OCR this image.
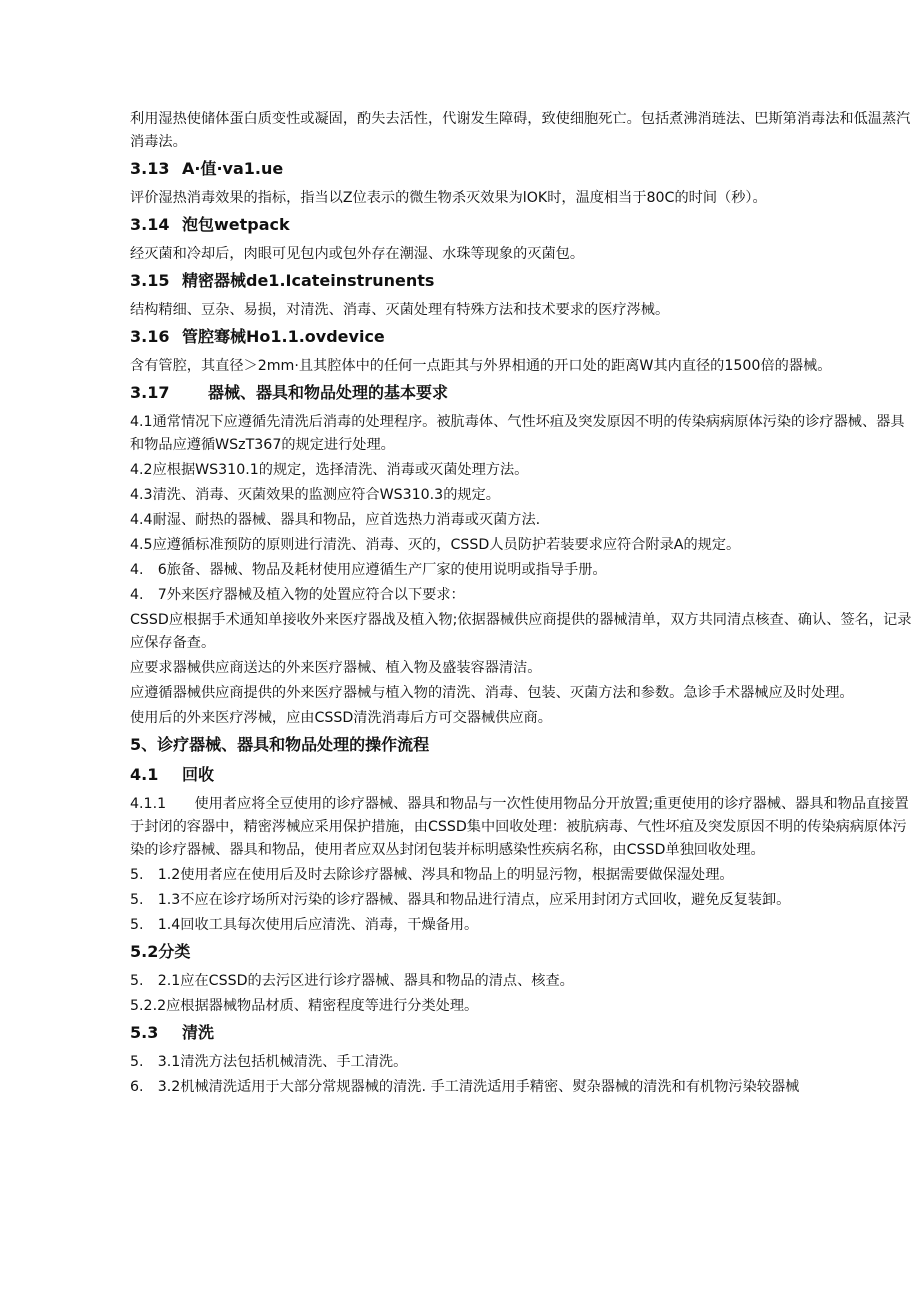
利用湿热使储体蛋白质变性或凝固，酌失去活性，代谢发生障碍，致使细胞死亡。包括煮沸消琏法、巴斯第消毒法和低温蒸汽消毒法。

3.13 A·值·va1.ue

评价湿热消毒效果的指标，指当以Z位表示的微生物杀灭效果为lOK时，温度相当于80C的时间（秒）。

3.14 泡包wetpack

经灭菌和冷却后，肉眼可见包内或包外存在潮湿、水珠等现象的灭菌包。

3.15 精密器械de1.Icateinstrunents

结构精细、豆杂、易损，对清洗、消毒、灭菌处理有特殊方法和技术要求的医疗涔械。

3.16 管腔骞械Ho1.1.ovdevice

含有管腔，其直径＞2mm·且其腔体中的任何一点距其与外界相通的开口处的距离W其内直径的1500倍的器械。

3.17 器械、器具和物品处理的基本要求

4.1通常情况下应遵循先清洗后消毒的处理程序。被肮毒体、气性坏疽及突发原因不明的传染病病原体污染的诊疗器械、器具和物品应遵循WSzT367的规定进行处理。

4.2应根据WS310.1的规定，选择清洗、消毒或灭菌处理方法。

4.3清洗、消毒、灭菌效果的监测应符合WS310.3的规定。

4.4耐湿、耐热的器械、器具和物品，应首选热力消毒或灭菌方法.

4.5应遵循标准预防的原则进行清洗、消毒、灭的，CSSD人员防护若装要求应符合附录A的规定。

4.　6旅备、器械、物品及耗材使用应遵循生产厂家的使用说明或指导手册。

4.　7外来医疗器械及植入物的处置应符合以下要求：

CSSD应根据手术通知单接收外来医疗器战及植入物;依据器械供应商提供的器械清单，双方共同清点核查、确认、签名，记录应保存备查。

应要求器械供应商送达的外来医疗器械、植入物及盛装容器清洁。

应遵循器械供应商提供的外来医疗器械与植入物的清洗、消毒、包装、灭菌方法和参数。急诊手术器械应及时处理。

使用后的外来医疗涔械，应由CSSD清洗消毒后方可交器械供应商。

5、诊疗器械、器具和物品处理的操作流程
4.1 回收

4.1.1　　使用者应将全豆使用的诊疗器械、器具和物品与一次性使用物品分开放置;重更使用的诊疗器械、器具和物品直接置于封闭的容器中，精密涔械应采用保护措施，由CSSD集中回收处理：被肮病毒、气性坏疽及突发原因不明的传染病病原体污染的诊疗器械、器具和物品，使用者应双丛封闭包装并标明感染性疾病名称，由CSSD单独回收处理。

5.　1.2使用者应在使用后及时去除诊疗器械、涔具和物品上的明显污物，根据需要做保湿处理。

5.　1.3不应在诊疗场所对污染的诊疗器械、器具和物品进行清点，应采用封闭方式回收，避免反复装卸。

5.　1.4回收工具每次使用后应清洗、消毒，干燥备用。

5.2分类

5.　2.1应在CSSD的去污区进行诊疗器械、器具和物品的清点、核查。

5.2.2应根据器械物品材质、精密程度等进行分类处理。

5.3 清洗

5.　3.1清洗方法包括机械清洗、手工清洗。

6.　3.2机械清洗适用于大部分常规器械的清洗. 手工清洗适用手精密、熨杂器械的清洗和有机物污染较器械
